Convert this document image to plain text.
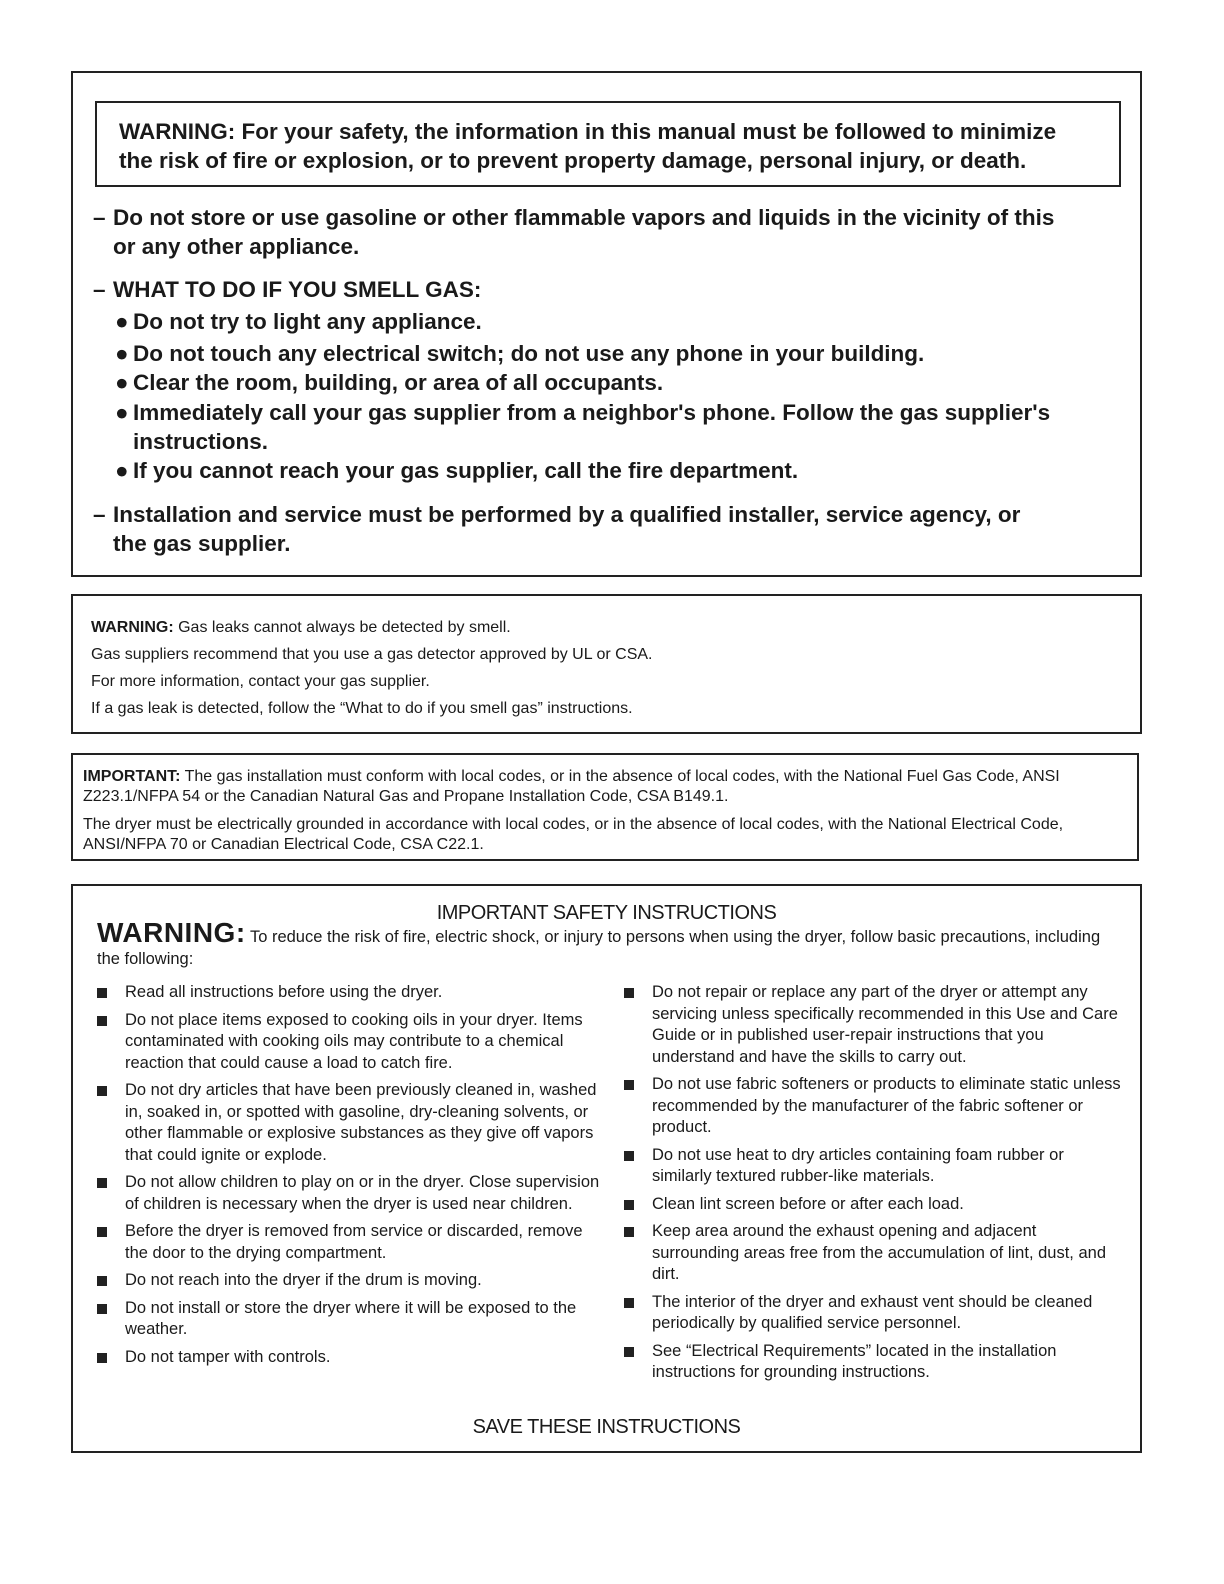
WARNING: For your safety, the information in this manual must be followed to minimize
the risk of fire or explosion, or to prevent property damage, personal injury, or death.
– Do not store or use gasoline or other flammable vapors and liquids in the vicinity of this
or any other appliance.
– WHAT TO DO IF YOU SMELL GAS:
● Do not try to light any appliance.
● Do not touch any electrical switch; do not use any phone in your building.
● Clear the room, building, or area of all occupants.
● Immediately call your gas supplier from a neighbor's phone. Follow the gas supplier's
instructions.
● If you cannot reach your gas supplier, call the fire department.
– Installation and service must be performed by a qualified installer, service agency, or
the gas supplier.

WARNING: Gas leaks cannot always be detected by smell.

Gas suppliers recommend that you use a gas detector approved by UL or CSA.

For more information, contact your gas supplier.

If a gas leak is detected, follow the “What to do if you smell gas” instructions.

IMPORTANT: The gas installation must conform with local codes, or in the absence of local codes, with the National Fuel Gas Code, ANSI Z223.1/NFPA 54 or the Canadian Natural Gas and Propane Installation Code, CSA B149.1.

The dryer must be electrically grounded in accordance with local codes, or in the absence of local codes, with the National Electrical Code, ANSI/NFPA 70 or Canadian Electrical Code, CSA C22.1.

IMPORTANT SAFETY INSTRUCTIONS
WARNING: To reduce the risk of fire, electric shock, or injury to persons when using the dryer, follow basic precautions, including the following:
Read all instructions before using the dryer.
Do not place items exposed to cooking oils in your dryer. Items contaminated with cooking oils may contribute to a chemical reaction that could cause a load to catch fire.
Do not dry articles that have been previously cleaned in, washed in, soaked in, or spotted with gasoline, dry-cleaning solvents, or other flammable or explosive substances as they give off vapors that could ignite or explode.
Do not allow children to play on or in the dryer. Close supervision of children is necessary when the dryer is used near children.
Before the dryer is removed from service or discarded, remove the door to the drying compartment.
Do not reach into the dryer if the drum is moving.
Do not install or store the dryer where it will be exposed to the weather.
Do not tamper with controls.
Do not repair or replace any part of the dryer or attempt any servicing unless specifically recommended in this Use and Care Guide or in published user-repair instructions that you understand and have the skills to carry out.
Do not use fabric softeners or products to eliminate static unless recommended by the manufacturer of the fabric softener or product.
Do not use heat to dry articles containing foam rubber or similarly textured rubber-like materials.
Clean lint screen before or after each load.
Keep area around the exhaust opening and adjacent surrounding areas free from the accumulation of lint, dust, and dirt.
The interior of the dryer and exhaust vent should be cleaned periodically by qualified service personnel.
See “Electrical Requirements” located in the installation instructions for grounding instructions.
SAVE THESE INSTRUCTIONS
